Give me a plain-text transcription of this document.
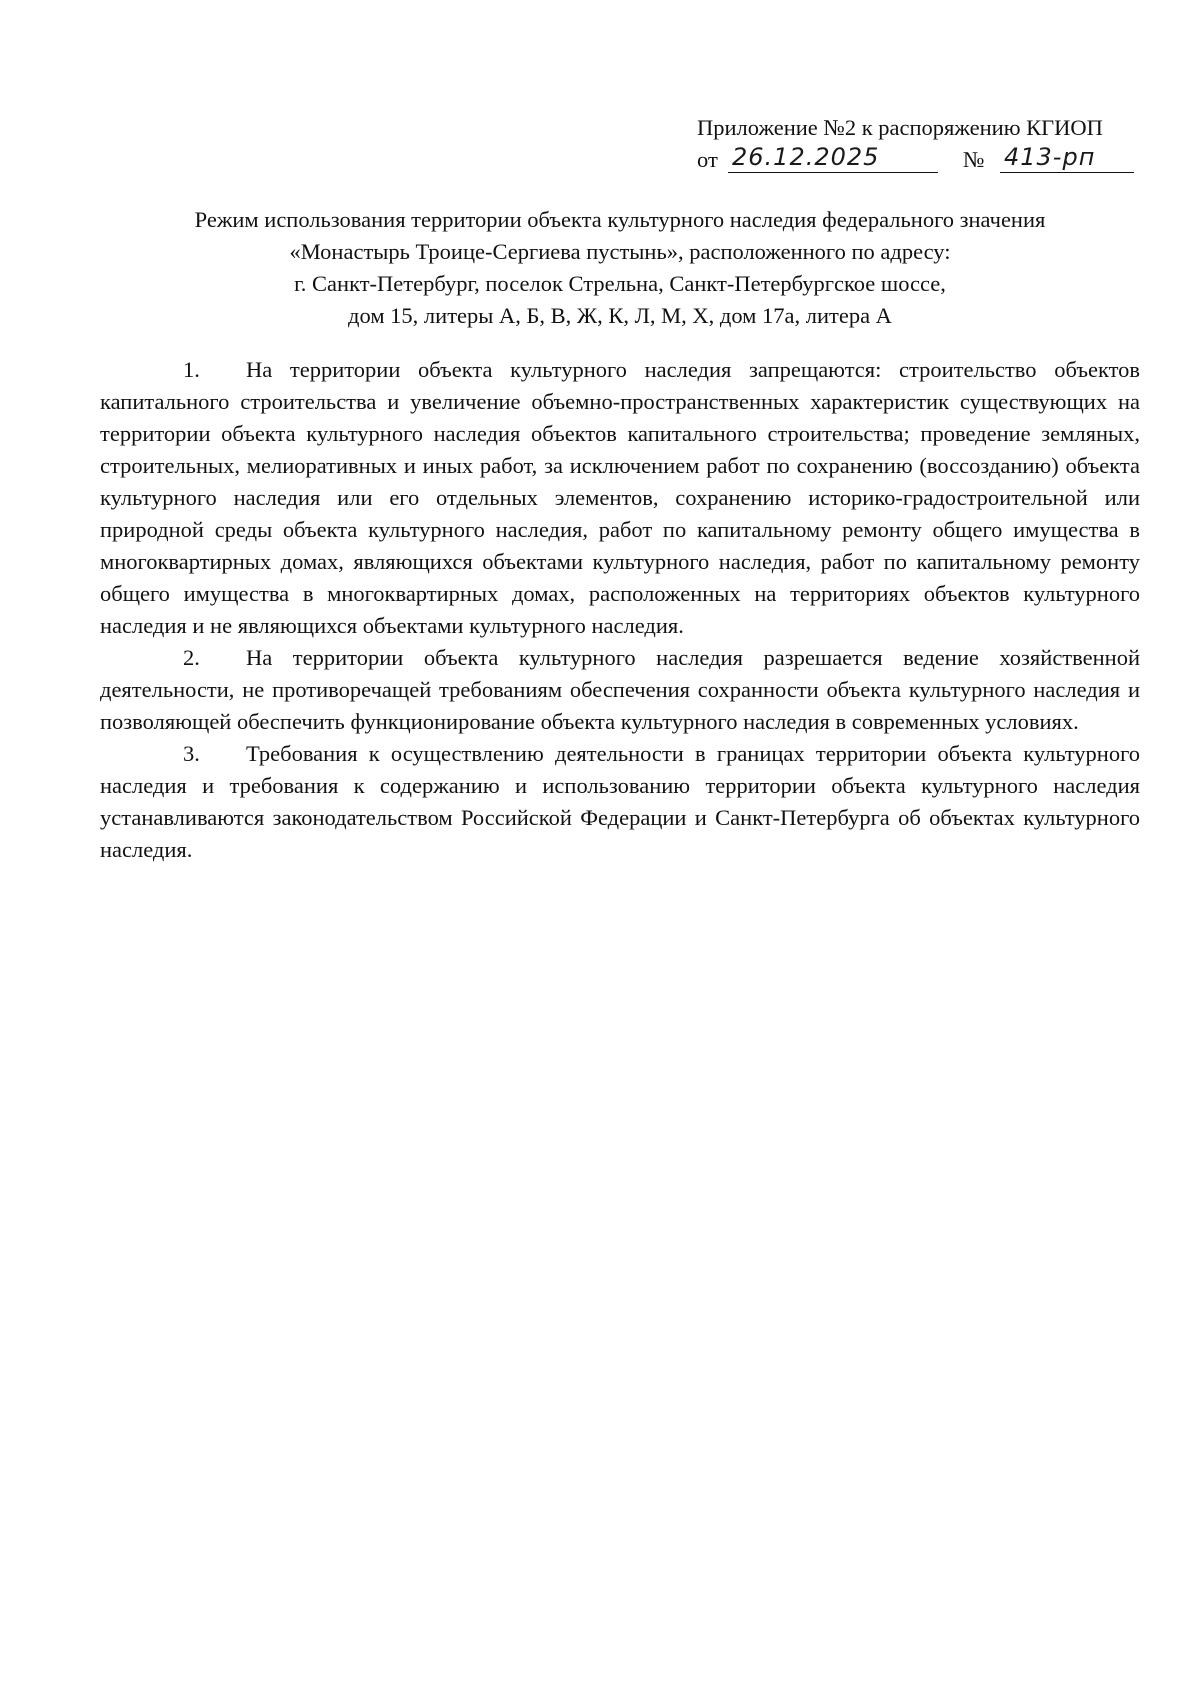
Приложение №2 к распоряжению КГИОП
от 26.12.2025	№ 413-рп
Режим использования территории объекта культурного наследия федерального значения
«Монастырь Троице-Сергиева пустынь», расположенного по адресу:
г. Санкт-Петербург, поселок Стрельна, Санкт-Петербургское шоссе,
дом 15, литеры А, Б, В, Ж, К, Л, М, Х, дом 17а, литера А

1. На территории объекта культурного наследия запрещаются: строительство объектов капитального строительства и увеличение объемно-пространственных характеристик существующих на территории объекта культурного наследия объектов капитального строительства; проведение земляных, строительных, мелиоративных и иных работ, за исключением работ по сохранению (воссозданию) объекта культурного наследия или его отдельных элементов, сохранению историко-градостроительной или природной среды объекта культурного наследия, работ по капитальному ремонту общего имущества в многоквартирных домах, являющихся объектами культурного наследия, работ по капитальному ремонту общего имущества в многоквартирных домах, расположенных на территориях объектов культурного наследия и не являющихся объектами культурного наследия.

2. На территории объекта культурного наследия разрешается ведение хозяйственной деятельности, не противоречащей требованиям обеспечения сохранности объекта культурного наследия и позволяющей обеспечить функционирование объекта культурного наследия в современных условиях.

3. Требования к осуществлению деятельности в границах территории объекта культурного наследия и требования к содержанию и использованию территории объекта культурного наследия устанавливаются законодательством Российской Федерации и Санкт-Петербурга об объектах культурного наследия.
